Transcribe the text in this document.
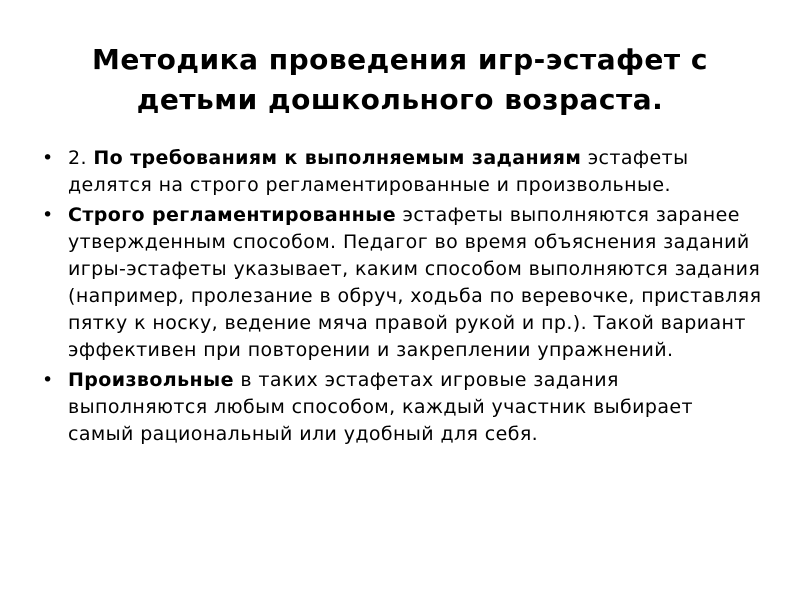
Методика проведения игр-эстафет с
детьми дошкольного возраста.
• 2. По требованиям к выполняемым заданиям эстафеты делятся на строго регламентированные и произвольные.
• Строго регламентированные эстафеты выполняются заранее утвержденным способом. Педагог во время объяснения заданий игры-эстафеты указывает, каким способом выполняются задания (например, пролезание в обруч, ходьба по веревочке, приставляя пятку к носку, ведение мяча правой рукой и пр.). Такой вариант эффективен при повторении и закреплении упражнений.
• Произвольные в таких эстафетах игровые задания выполняются любым способом, каждый участник выбирает самый рациональный или удобный для себя.
